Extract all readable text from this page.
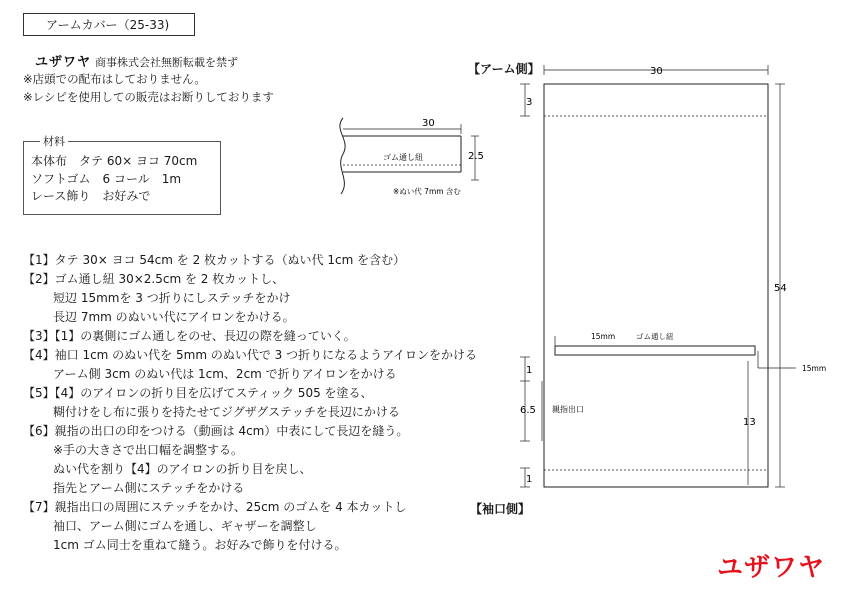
アームカバー（25-33)
ユザワヤ 商事株式会社無断転載を禁ず
※店頭での配布はしておりません。
※レシピを使用しての販売はお断りしております
材料
本体布　タテ 60× ヨコ 70cm
ソフトゴム　6 コール　1m
レース飾り　お好みで
30
2.5
ゴム通し紐
※ぬい代 7mm 含む
【1】タテ 30× ヨコ 54cm を 2 枚カットする（ぬい代 1cm を含む）
【2】ゴム通し紐 30×2.5cm を 2 枚カットし、
短辺 15mmを 3 つ折りにしステッチをかけ
長辺 7mm のぬいい代にアイロンをかける。
【3】【1】の裏側にゴム通しをのせ、長辺の際を縫っていく。
【4】袖口 1cm のぬい代を 5mm のぬい代で 3 つ折りになるようアイロンをかける
アーム側 3cm のぬい代は 1cm、2cm で折りアイロンをかける
【5】【4】のアイロンの折り目を広げてスティック 505 を塗る、
糊付けをし布に張りを持たせてジグザグステッチを長辺にかける
【6】親指の出口の印をつける（動画は 4cm）中表にして長辺を縫う。
※手の大きさで出口幅を調整する。
ぬい代を割り【4】のアイロンの折り目を戻し、
指先とアーム側にステッチをかける
【7】親指出口の周囲にステッチをかけ、25cm のゴムを 4 本カットし
袖口、アーム側にゴムを通し、ギャザーを調整し
1cm ゴム同士を重ねて縫う。お好みで飾りを付ける。
【アーム側】
【袖口側】
30
3
54
15mm	ゴム通し紐
15mm
1
6.5 親指出口
13
1
ユザワヤ
